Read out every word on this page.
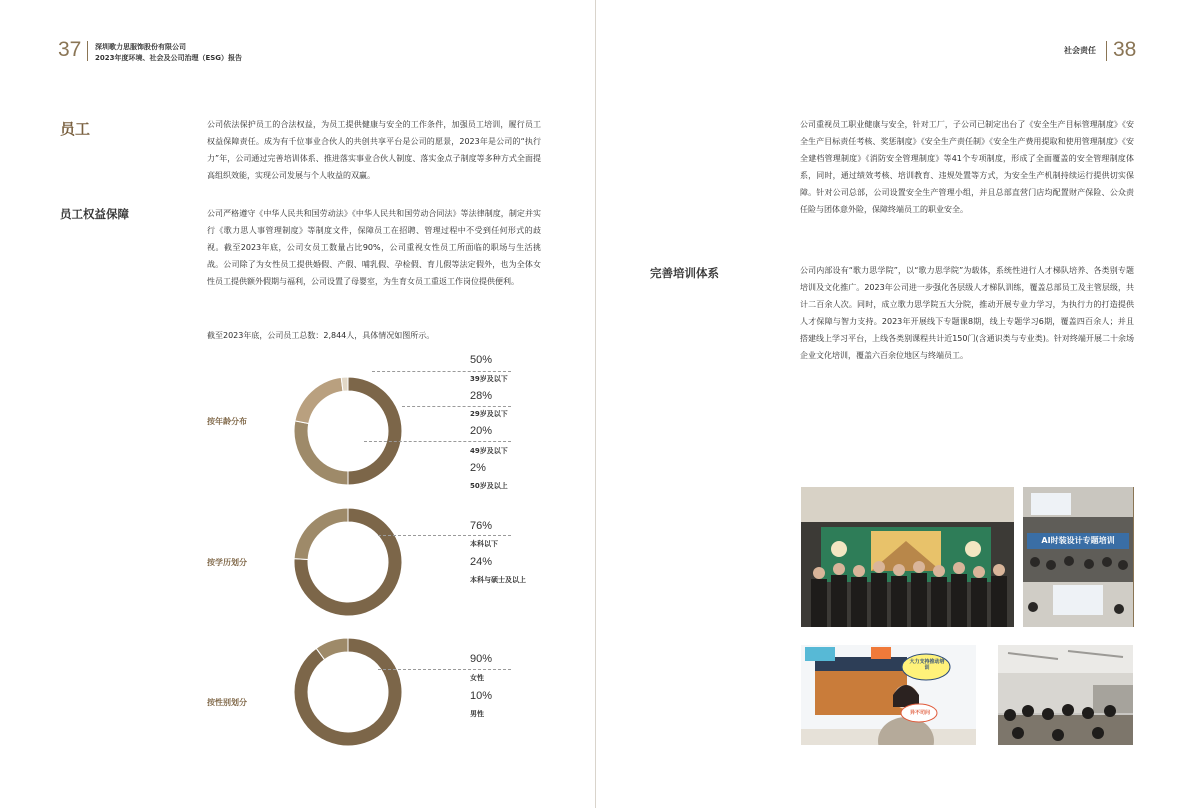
37 深圳歌力思服饰股份有限公司
2023年度环境、社会及公司治理（ESG）报告
员工	公司依法保护员工的合法权益，为员工提供健康与安全的工作条件，加强员工培训，履行员工权益保障责任。成为有千位事业合伙人的共创共享平台是公司的愿景，2023年是公司的“执行力”年，公司通过完善培训体系、推进落实事业合伙人制度、落实金点子制度等多种方式全面提高组织效能，实现公司发展与个人收益的双赢。

员工权益保障	公司严格遵守《中华人民共和国劳动法》《中华人民共和国劳动合同法》等法律制度，制定并实行《歌力思人事管理制度》等制度文件，保障员工在招聘、管理过程中不受到任何形式的歧视。截至2023年底，公司女员工数量占比90%，公司重视女性员工所面临的职场与生活挑战。公司除了为女性员工提供婚假、产假、哺乳假、孕检假、育儿假等法定假外，也为全体女性员工提供额外假期与福利，公司设置了母婴室，为生育女员工重返工作岗位提供便利。

截至2023年底，公司员工总数：2,844人，具体情况如图所示。

按年龄分布
50%
39岁及以下
28%
29岁及以下
20%
49岁及以下
2%
50岁及以上
按学历划分
76%
本科以下
24%
本科与硕士及以上
按性别划分
90%
女性
10%
男性
社会责任 38

公司重视员工职业健康与安全，针对工厂，子公司已制定出台了《安全生产目标管理制度》《安全生产目标责任考核、奖惩制度》《安全生产责任制》《安全生产费用提取和使用管理制度》《安全建档管理制度》《消防安全管理制度》等41个专项制度，形成了全面覆盖的安全管理制度体系，同时，通过绩效考核、培训教育、违规处置等方式，为安全生产机制持续运行提供切实保障。针对公司总部，公司设置安全生产管理小组，并且总部直营门店均配置财产保险、公众责任险与团体意外险，保障终端员工的职业安全。

完善培训体系	公司内部设有“歌力思学院”，以“歌力思学院”为载体，系统性进行人才梯队培养、各类别专题培训及文化推广。2023年公司进一步强化各层级人才梯队训练，覆盖总部员工及主管层级，共计二百余人次。同时，成立歌力思学院五大分院，推动开展专业力学习，为执行力的打造提供人才保障与智力支持。2023年开展线下专题课8期，线上专题学习6期，覆盖四百余人；并且搭建线上学习平台，上线各类别课程共计近150门(含通识类与专业类)。针对终端开展二十余场企业文化培训，覆盖六百余位地区与终端员工。

AI时装设计专题培训
大力支持推动培训
异不司问
